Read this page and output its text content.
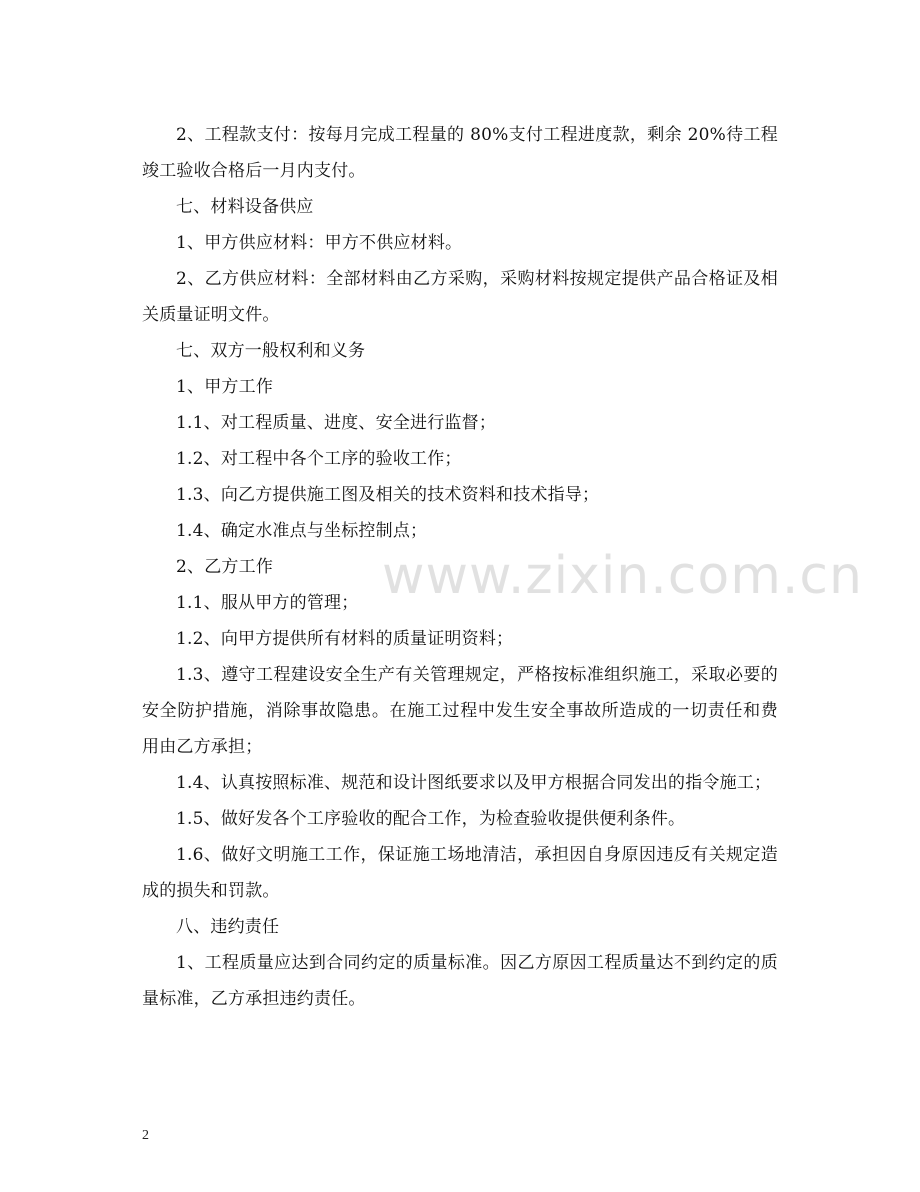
2、工程款支付：按每月完成工程量的 80%支付工程进度款，剩余 20%待工程竣工验收合格后一月内支付。

七、材料设备供应

1、甲方供应材料：甲方不供应材料。

2、乙方供应材料：全部材料由乙方采购，采购材料按规定提供产品合格证及相关质量证明文件。

七、双方一般权利和义务

1、甲方工作

1.1、对工程质量、进度、安全进行监督；

1.2、对工程中各个工序的验收工作；

1.3、向乙方提供施工图及相关的技术资料和技术指导；

1.4、确定水准点与坐标控制点；

2、乙方工作

1.1、服从甲方的管理；

1.2、向甲方提供所有材料的质量证明资料；

1.3、遵守工程建设安全生产有关管理规定，严格按标准组织施工，采取必要的安全防护措施，消除事故隐患。在施工过程中发生安全事故所造成的一切责任和费用由乙方承担；

1.4、认真按照标准、规范和设计图纸要求以及甲方根据合同发出的指令施工；

1.5、做好发各个工序验收的配合工作，为检查验收提供便利条件。

1.6、做好文明施工工作，保证施工场地清洁，承担因自身原因违反有关规定造成的损失和罚款。

八、违约责任

1、工程质量应达到合同约定的质量标准。因乙方原因工程质量达不到约定的质量标准，乙方承担违约责任。

www.zixin.com.cn
2
